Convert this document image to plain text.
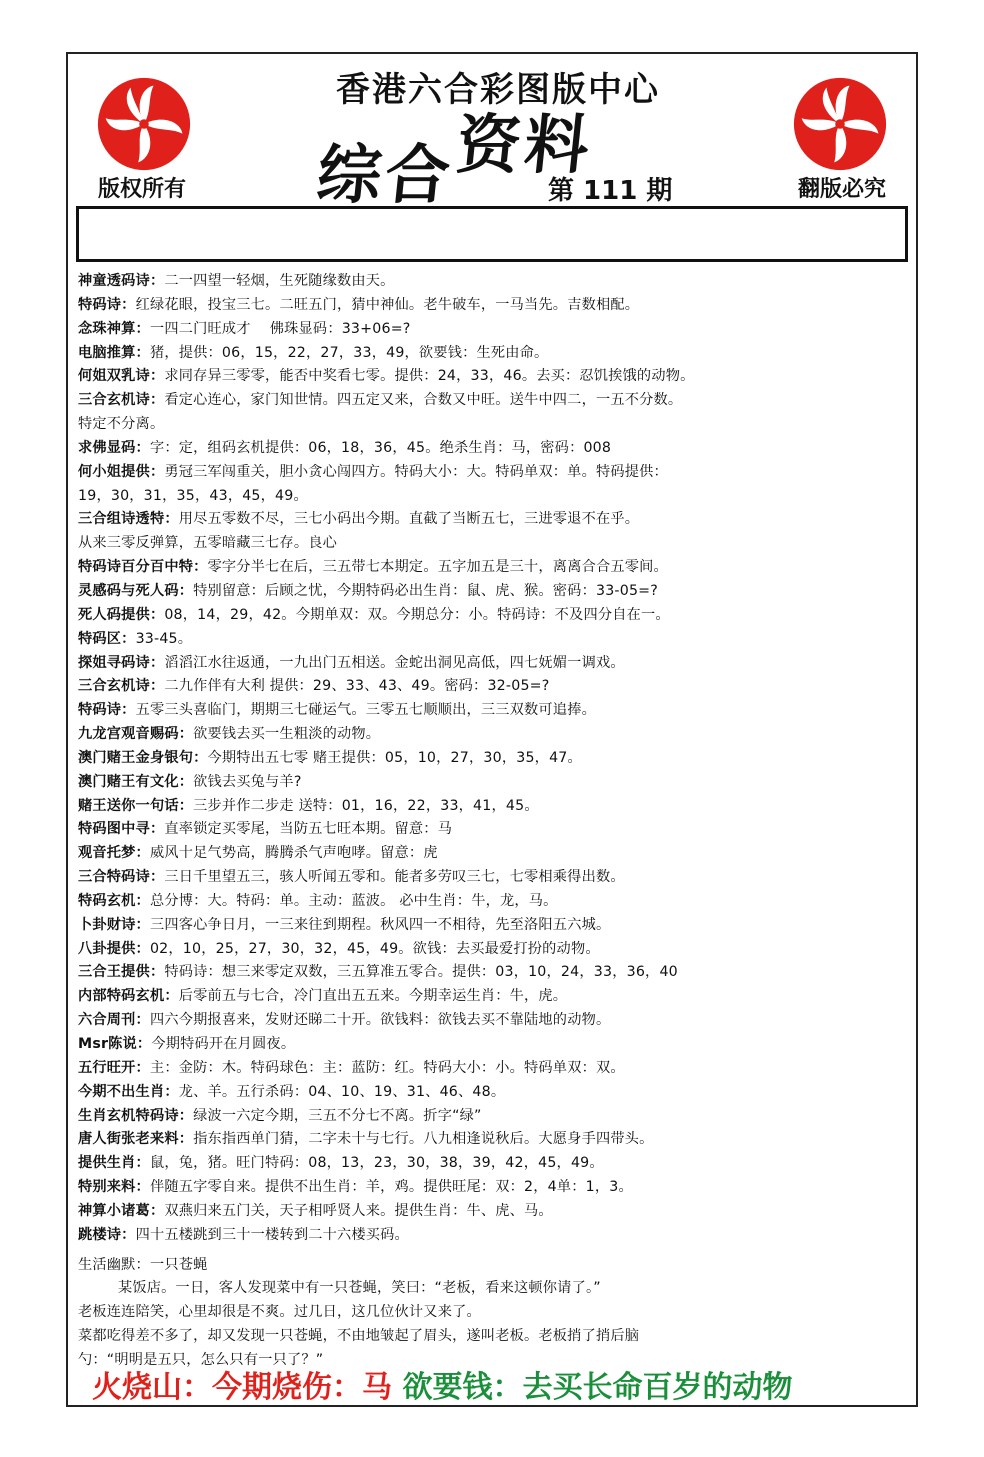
香港六合彩图版中心
综合资料
第 111 期
版权所有	翻版必究
神童透码诗：二一四望一轻烟，生死随缘数由天。
特码诗：红绿花眼，投宝三七。二旺五门，猜中神仙。老牛破车，一马当先。吉数相配。
念珠神算：一四二门旺成才　 佛珠显码：33+06=?
电脑推算：猪，提供：06，15，22，27，33，49，欲要钱：生死由命。
何姐双乳诗：求同存异三零零，能否中奖看七零。提供：24，33，46。去买：忍饥挨饿的动物。
三合玄机诗：看定心连心，家门知世情。四五定又来，合数又中旺。送牛中四二，一五不分数。
特定不分离。
求佛显码：字：定，组码玄机提供：06，18，36，45。绝杀生肖：马，密码：008
何小姐提供：勇冠三军闯重关，胆小贪心闯四方。特码大小：大。特码单双：单。特码提供：
19，30，31，35，43，45，49。
三合组诗透特：用尽五零数不尽，三七小码出今期。直截了当断五七，三进零退不在乎。
从来三零反弹算，五零暗藏三七存。良心
特码诗百分百中特：零字分半七在后，三五带七本期定。五字加五是三十，离离合合五零间。
灵感码与死人码：特别留意：后顾之忧，今期特码必出生肖：鼠、虎、猴。密码：33-05=?
死人码提供：08，14，29，42。今期单双：双。今期总分：小。特码诗：不及四分自在一。
特码区：33-45。
探姐寻码诗：滔滔江水往返通，一九出门五相送。金蛇出洞见高低，四七妩媚一调戏。
三合玄机诗：二九作伴有大利 提供：29、33、43、49。密码：32-05=?
特码诗：五零三头喜临门，期期三七碰运气。三零五七顺顺出，三三双数可追捧。
九龙宫观音赐码：欲要钱去买一生粗淡的动物。
澳门赌王金身银句：今期特出五七零 赌王提供：05，10，27，30，35，47。
澳门赌王有文化：欲钱去买兔与羊?
赌王送你一句话：三步并作二步走 送特：01，16，22，33，41，45。
特码图中寻：直率锁定买零尾，当防五七旺本期。留意：马
观音托梦：威风十足气势高，腾腾杀气声咆哮。留意：虎
三合特码诗：三日千里望五三，骇人听闻五零和。能者多劳叹三七，七零相乘得出数。
特码玄机：总分博：大。特码：单。主动：蓝波。 必中生肖：牛，龙，马。
卜卦财诗：三四客心争日月，一三来往到期程。秋风四一不相待，先至洛阳五六城。
八卦提供：02，10，25，27，30，32，45，49。欲钱：去买最爱打扮的动物。
三合王提供：特码诗：想三来零定双数，三五算准五零合。提供：03，10，24，33，36，40
内部特码玄机：后零前五与七合，冷门直出五五来。今期幸运生肖：牛，虎。
六合周刊：四六今期报喜来，发财还睇二十开。欲钱料：欲钱去买不靠陆地的动物。
Msr陈说：今期特码开在月圆夜。
五行旺开：主：金防：木。特码球色：主：蓝防：红。特码大小：小。特码单双：双。
今期不出生肖：龙、羊。五行杀码：04、10、19、31、46、48。
生肖玄机特码诗：绿波一六定今期，三五不分七不离。折字“绿”
唐人街张老来料：指东指西单门猜，二字未十与七行。八九相逢说秋后。大愿身手四带头。
提供生肖：鼠，兔，猪。旺门特码：08，13，23，30，38，39，42，45，49。
特别来料：伴随五字零自来。提供不出生肖：羊，鸡。提供旺尾：双：2，4单：1，3。
神算小诸葛：双燕归来五门关，天子相呼贤人来。提供生肖：牛、虎、马。
跳楼诗：四十五楼跳到三十一楼转到二十六楼买码。
生活幽默：一只苍蝇
某饭店。一日，客人发现菜中有一只苍蝇，笑曰：“老板，看来这顿你请了。”
老板连连陪笑，心里却很是不爽。过几日，这几位伙计又来了。
菜都吃得差不多了，却又发现一只苍蝇，不由地皱起了眉头，遂叫老板。老板捎了捎后脑
勺：“明明是五只，怎么只有一只了？”
火烧山：今期烧伤：马 欲要钱：去买长命百岁的动物
